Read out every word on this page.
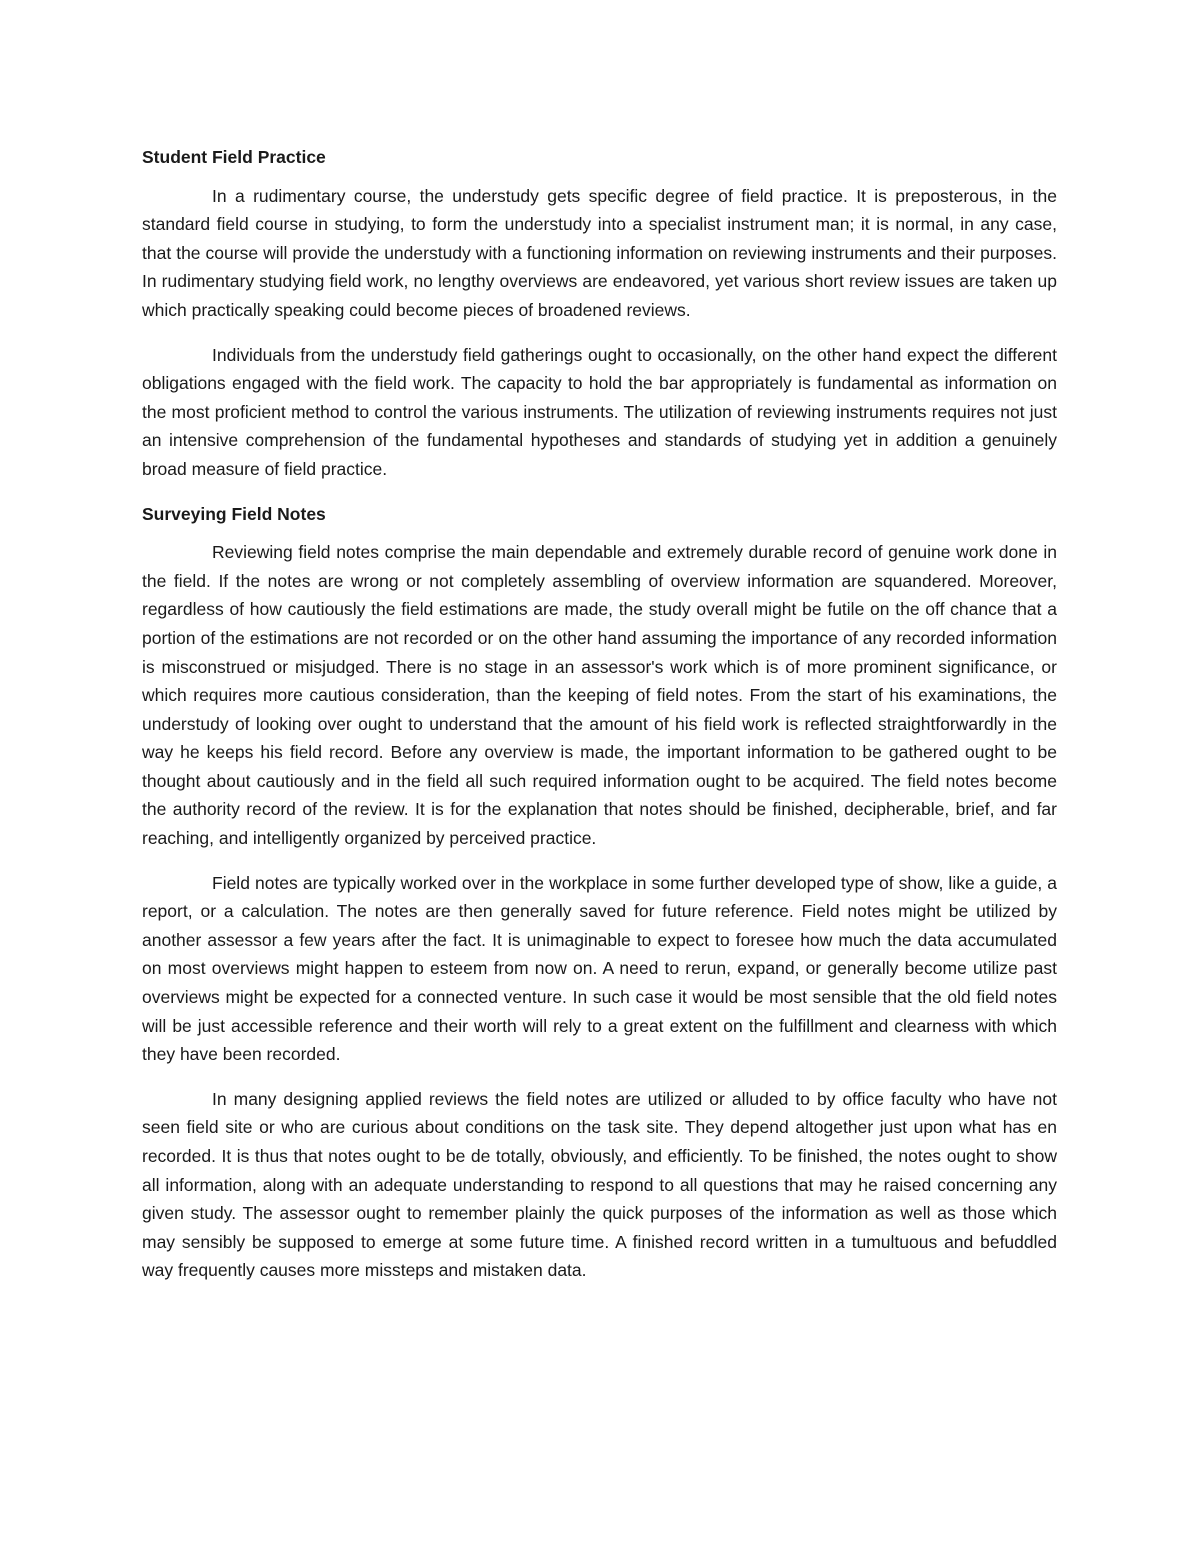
Student Field Practice

In a rudimentary course, the understudy gets specific degree of field practice. It is preposterous, in the standard field course in studying, to form the understudy into a specialist instrument man; it is normal, in any case, that the course will provide the understudy with a functioning information on reviewing instruments and their purposes. In rudimentary studying field work, no lengthy overviews are endeavored, yet various short review issues are taken up which practically speaking could become pieces of broadened reviews.

Individuals from the understudy field gatherings ought to occasionally, on the other hand expect the different obligations engaged with the field work. The capacity to hold the bar appropriately is fundamental as information on the most proficient method to control the various instruments. The utilization of reviewing instruments requires not just an intensive comprehension of the fundamental hypotheses and standards of studying yet in addition a genuinely broad measure of field practice.

Surveying Field Notes

Reviewing field notes comprise the main dependable and extremely durable record of genuine work done in the field. If the notes are wrong or not completely assembling of overview information are squandered. Moreover, regardless of how cautiously the field estimations are made, the study overall might be futile on the off chance that a portion of the estimations are not recorded or on the other hand assuming the importance of any recorded information is misconstrued or misjudged. There is no stage in an assessor's work which is of more prominent significance, or which requires more cautious consideration, than the keeping of field notes. From the start of his examinations, the understudy of looking over ought to understand that the amount of his field work is reflected straightforwardly in the way he keeps his field record. Before any overview is made, the important information to be gathered ought to be thought about cautiously and in the field all such required information ought to be acquired. The field notes become the authority record of the review. It is for the explanation that notes should be finished, decipherable, brief, and far reaching, and intelligently organized by perceived practice.

Field notes are typically worked over in the workplace in some further developed type of show, like a guide, a report, or a calculation. The notes are then generally saved for future reference. Field notes might be utilized by another assessor a few years after the fact. It is unimaginable to expect to foresee how much the data accumulated on most overviews might happen to esteem from now on. A need to rerun, expand, or generally become utilize past overviews might be expected for a connected venture. In such case it would be most sensible that the old field notes will be just accessible reference and their worth will rely to a great extent on the fulfillment and clearness with which they have been recorded.

In many designing applied reviews the field notes are utilized or alluded to by office faculty who have not seen field site or who are curious about conditions on the task site. They depend altogether just upon what has en recorded. It is thus that notes ought to be de totally, obviously, and efficiently. To be finished, the notes ought to show all information, along with an adequate understanding to respond to all questions that may he raised concerning any given study. The assessor ought to remember plainly the quick purposes of the information as well as those which may sensibly be supposed to emerge at some future time. A finished record written in a tumultuous and befuddled way frequently causes more missteps and mistaken data.
